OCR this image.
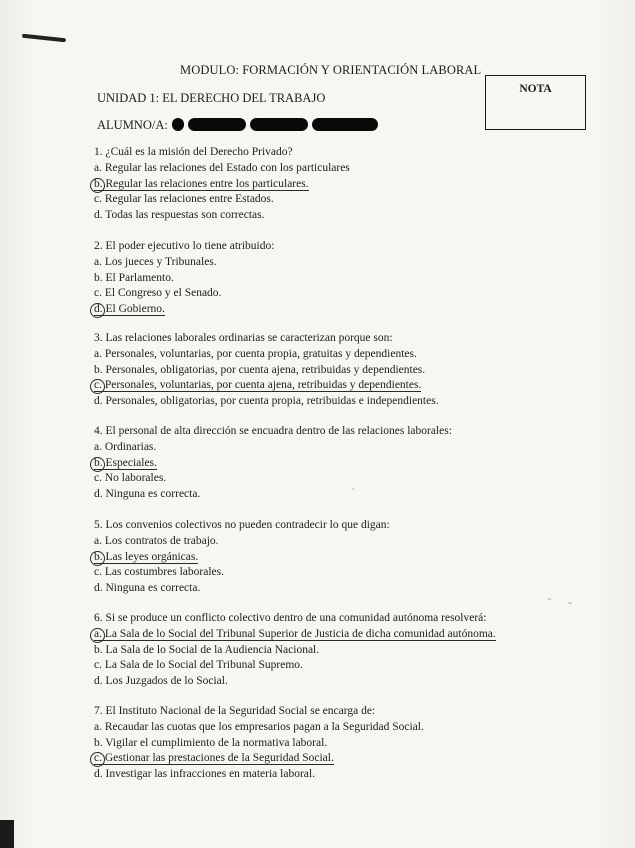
MODULO: FORMACIÓN Y ORIENTACIÓN LABORAL
UNIDAD 1: EL DERECHO DEL TRABAJO
ALUMNO/A:
NOTA
1. ¿Cuál es la misión del Derecho Privado?
a. Regular las relaciones del Estado con los particulares
b. Regular las relaciones entre los particulares.
c. Regular las relaciones entre Estados.
d. Todas las respuestas son correctas.
2. El poder ejecutivo lo tiene atribuido:
a. Los jueces y Tribunales.
b. El Parlamento.
c. El Congreso y el Senado.
d. El Gobierno.
3. Las relaciones laborales ordinarias se caracterizan porque son:
a. Personales, voluntarias, por cuenta propia, gratuitas y dependientes.
b. Personales, obligatorias, por cuenta ajena, retribuidas y dependientes.
c. Personales, voluntarias, por cuenta ajena, retribuidas y dependientes.
d. Personales, obligatorias, por cuenta propia, retribuidas e independientes.
4. El personal de alta dirección se encuadra dentro de las relaciones laborales:
a. Ordinarias.
b. Especiales.
c. No laborales.
d. Ninguna es correcta.
5. Los convenios colectivos no pueden contradecir lo que digan:
a. Los contratos de trabajo.
b. Las leyes orgánicas.
c. Las costumbres laborales.
d. Ninguna es correcta.
6. Si se produce un conflicto colectivo dentro de una comunidad autónoma resolverá:
a. La Sala de lo Social del Tribunal Superior de Justicia de dicha comunidad autónoma.
b. La Sala de lo Social de la Audiencia Nacional.
c. La Sala de lo Social del Tribunal Supremo.
d. Los Juzgados de lo Social.
7. El Instituto Nacional de la Seguridad Social se encarga de:
a. Recaudar las cuotas que los empresarios pagan a la Seguridad Social.
b. Vigilar el cumplimiento de la normativa laboral.
c. Gestionar las prestaciones de la Seguridad Social.
d. Investigar las infracciones en materia laboral.
